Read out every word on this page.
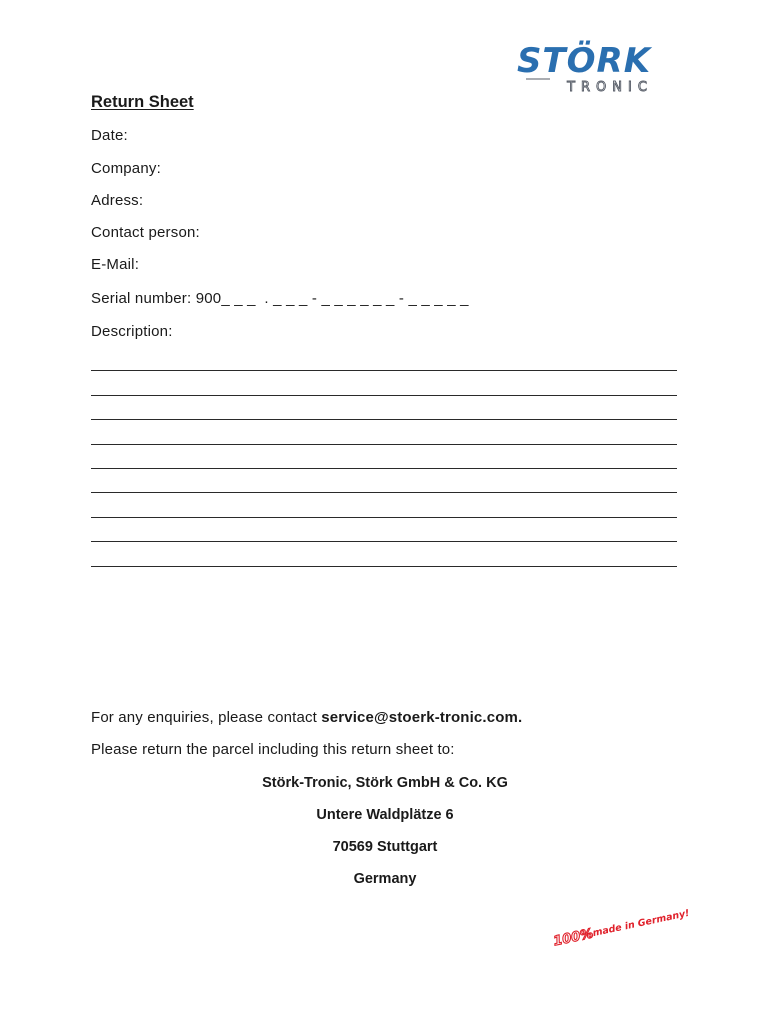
STÖRK
TRONIC
Return Sheet
Date:
Company:
Adress:
Contact person:
E-Mail:
Serial number: 900_ _ _  . _ _ _ - _ _ _ _ _ _ - _ _ _ _ _
Description:
For any enquiries, please contact service@stoerk-tronic.com.
Please return the parcel including this return sheet to:
Störk-Tronic, Störk GmbH & Co. KG
Untere Waldplätze 6
70569 Stuttgart
Germany
100%
made in Germany!
